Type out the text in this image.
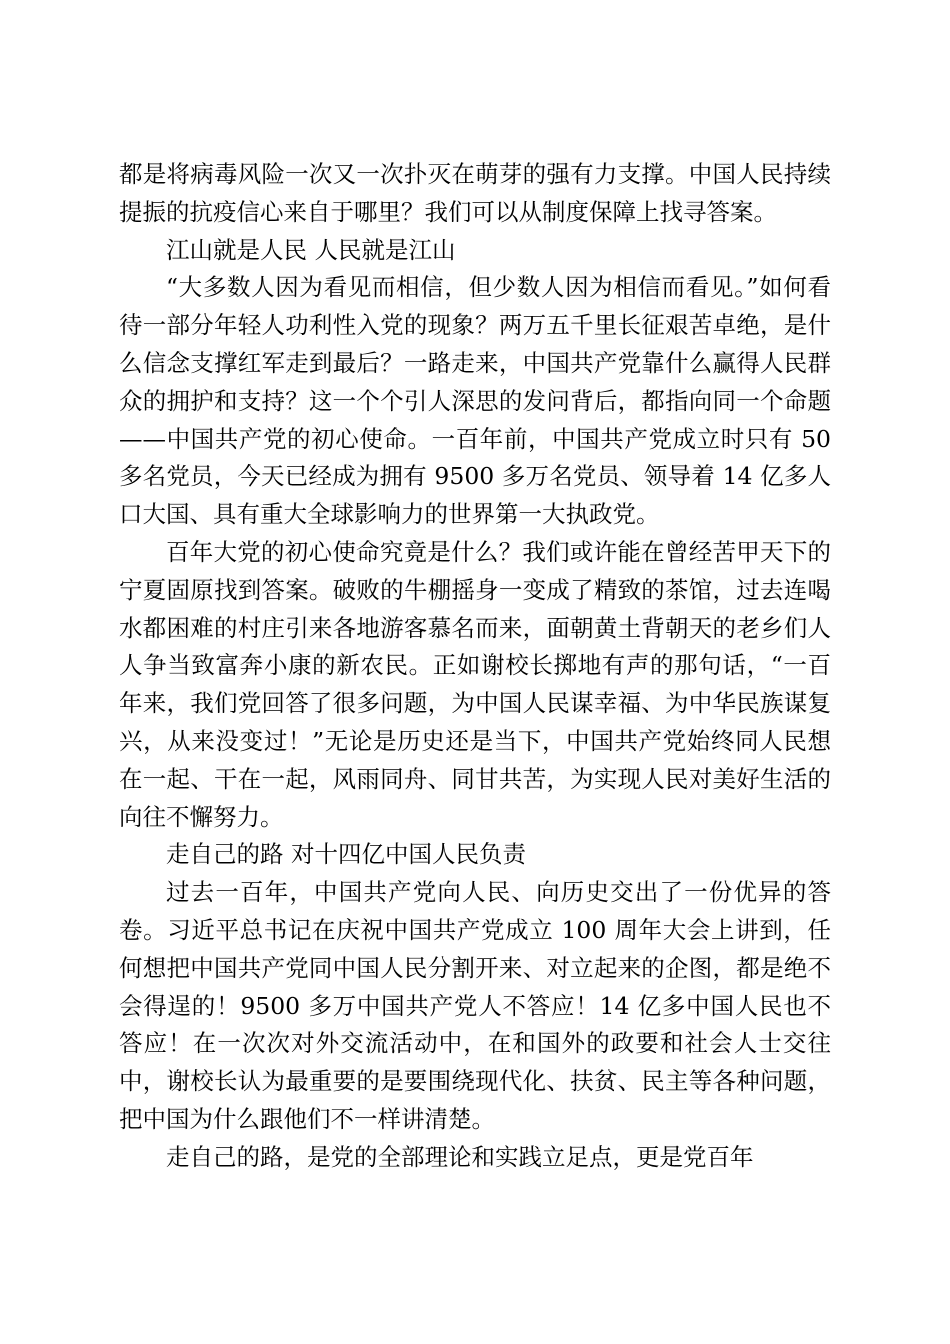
都是将病毒风险一次又一次扑灭在萌芽的强有力支撑。中国人民持续提振的抗疫信心来自于哪里？我们可以从制度保障上找寻答案。

江山就是人民 人民就是江山

“大多数人因为看见而相信，但少数人因为相信而看见。”如何看待一部分年轻人功利性入党的现象？两万五千里长征艰苦卓绝，是什么信念支撑红军走到最后？一路走来，中国共产党靠什么赢得人民群众的拥护和支持？这一个个引人深思的发问背后，都指向同一个命题——中国共产党的初心使命。一百年前，中国共产党成立时只有 50 多名党员，今天已经成为拥有 9500 多万名党员、领导着 14 亿多人口大国、具有重大全球影响力的世界第一大执政党。

百年大党的初心使命究竟是什么？我们或许能在曾经苦甲天下的宁夏固原找到答案。破败的牛棚摇身一变成了精致的茶馆，过去连喝水都困难的村庄引来各地游客慕名而来，面朝黄土背朝天的老乡们人人争当致富奔小康的新农民。正如谢校长掷地有声的那句话，“一百年来，我们党回答了很多问题，为中国人民谋幸福、为中华民族谋复兴，从来没变过！”无论是历史还是当下，中国共产党始终同人民想在一起、干在一起，风雨同舟、同甘共苦，为实现人民对美好生活的向往不懈努力。

走自己的路 对十四亿中国人民负责

过去一百年，中国共产党向人民、向历史交出了一份优异的答卷。习近平总书记在庆祝中国共产党成立 100 周年大会上讲到，任何想把中国共产党同中国人民分割开来、对立起来的企图，都是绝不会得逞的！9500 多万中国共产党人不答应！14 亿多中国人民也不答应！在一次次对外交流活动中，在和国外的政要和社会人士交往中，谢校长认为最重要的是要围绕现代化、扶贫、民主等各种问题，把中国为什么跟他们不一样讲清楚。

走自己的路，是党的全部理论和实践立足点，更是党百年
